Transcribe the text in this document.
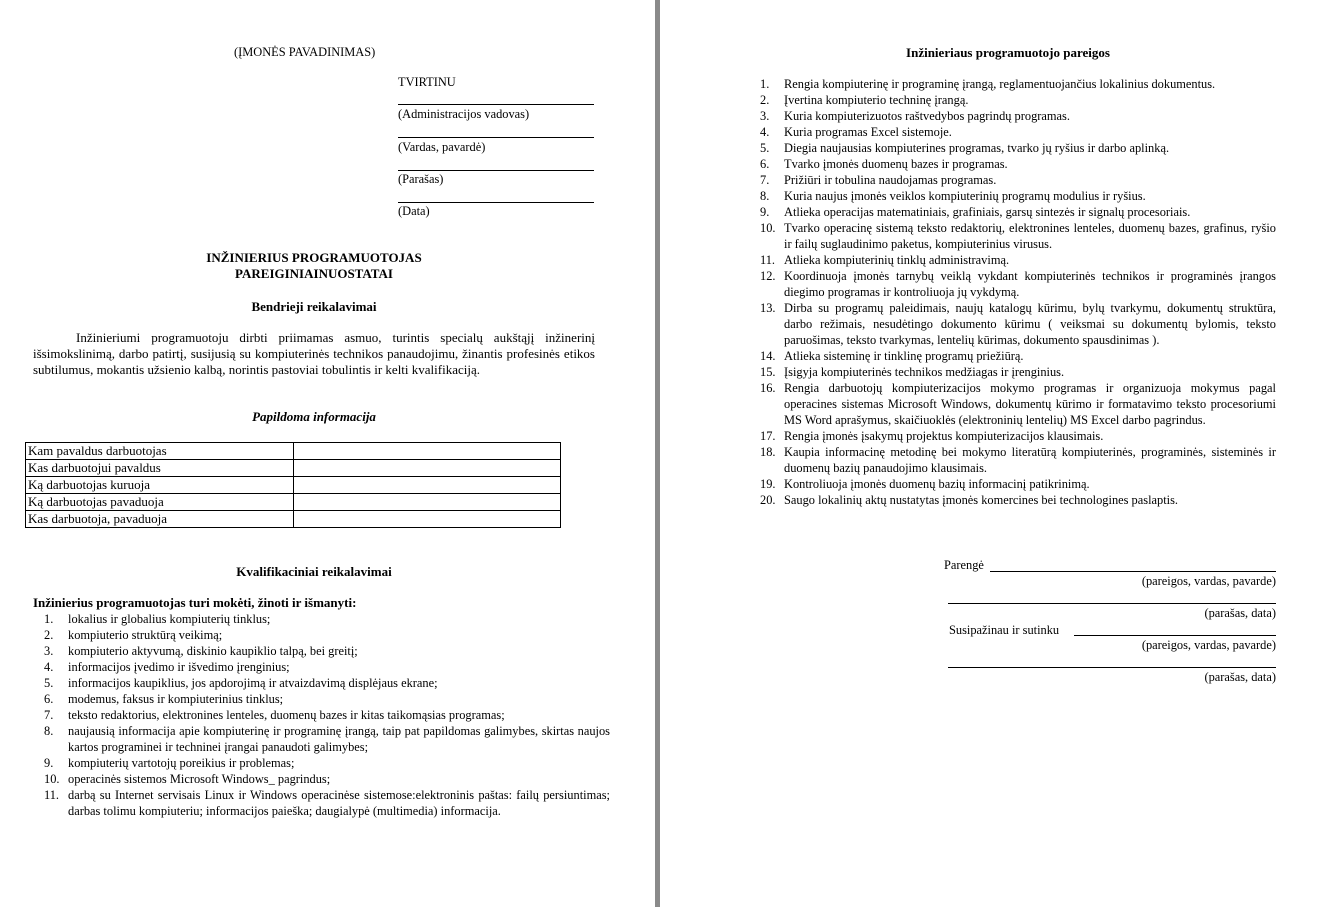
(ĮMONĖS PAVADINIMAS)
TVIRTINU
(Administracijos vadovas)
(Vardas, pavardė)
(Parašas)
(Data)
INŽINIERIUS PROGRAMUOTOJAS
PAREIGINIAINUOSTATAI
Bendrieji reikalavimai
Inžinieriumi programuotoju dirbti priimamas asmuo, turintis specialų aukštąjį inžinerinį išsimokslinimą, darbo patirtį, susijusią su kompiuterinės technikos panaudojimu, žinantis profesinės etikos subtilumus, mokantis užsienio kalbą, norintis pastoviai tobulintis ir kelti kvalifikaciją.
Papildoma informacija
Kam pavaldus darbuotojas	
Kas darbuotojui pavaldus	
Ką darbuotojas kuruoja	
Ką darbuotojas pavaduoja	
Kas darbuotoja, pavaduoja	
Kvalifikaciniai reikalavimai
Inžinierius programuotojas turi mokėti, žinoti ir išmanyti:
1.	lokalius ir globalius kompiuterių tinklus;
2.	kompiuterio struktūrą veikimą;
3.	kompiuterio aktyvumą, diskinio kaupiklio talpą, bei greitį;
4.	informacijos įvedimo ir išvedimo įrenginius;
5.	informacijos kaupiklius, jos apdorojimą ir atvaizdavimą displėjaus ekrane;
6.	modemus, faksus ir kompiuterinius tinklus;
7.	teksto redaktorius, elektronines lenteles, duomenų bazes ir kitas taikomąsias programas;
8.	naujausią informacija apie kompiuterinę ir programinę įrangą, taip pat papildomas galimybes, skirtas naujos kartos programinei ir techninei įrangai panaudoti galimybes;
9.	kompiuterių vartotojų poreikius ir problemas;
10. operacinės sistemos Microsoft Windows_ pagrindus;
11. darbą su Internet servisais Linux ir Windows operacinėse sistemose:elektroninis paštas: failų persiuntimas; darbas tolimu kompiuteriu; informacijos paieška; daugialypė (multimedia) informacija.
Inžinieriaus programuotojo pareigos
1.	Rengia kompiuterinę ir programinę įrangą, reglamentuojančius lokalinius dokumentus.
2.	Įvertina kompiuterio techninę įrangą.
3.	Kuria kompiuterizuotos raštvedybos pagrindų programas.
4.	Kuria programas Excel sistemoje.
5.	Diegia naujausias kompiuterines programas, tvarko jų ryšius ir darbo aplinką.
6.	Tvarko įmonės duomenų bazes ir programas.
7.	Prižiūri ir tobulina naudojamas programas.
8.	Kuria naujus įmonės veiklos kompiuterinių programų modulius ir ryšius.
9.	Atlieka operacijas matematiniais, grafiniais, garsų sintezės ir signalų procesoriais.
10. Tvarko operacinę sistemą teksto redaktorių, elektronines lenteles, duomenų bazes, grafinus, ryšio ir failų suglaudinimo paketus, kompiuterinius virusus.
11. Atlieka kompiuterinių tinklų administravimą.
12. Koordinuoja įmonės tarnybų veiklą vykdant kompiuterinės technikos ir programinės įrangos diegimo programas ir kontroliuoja jų vykdymą.
13. Dirba su programų paleidimais, naujų katalogų kūrimu, bylų tvarkymu, dokumentų struktūra, darbo režimais, nesudėtingo dokumento kūrimu ( veiksmai su dokumentų bylomis, teksto paruošimas, teksto tvarkymas, lentelių kūrimas, dokumento spausdinimas ).
14. Atlieka sisteminę ir tinklinę programų priežiūrą.
15. Įsigyja kompiuterinės technikos medžiagas ir įrenginius.
16. Rengia darbuotojų kompiuterizacijos mokymo programas ir organizuoja mokymus pagal operacines sistemas Microsoft Windows, dokumentų kūrimo ir formatavimo teksto procesoriumi MS Word aprašymus, skaičiuoklės (elektroninių lentelių) MS Excel darbo pagrindus.
17. Rengia įmonės įsakymų projektus kompiuterizacijos klausimais.
18. Kaupia informacinę metodinę bei mokymo literatūrą kompiuterinės, programinės, sisteminės ir duomenų bazių panaudojimo klausimais.
19. Kontroliuoja įmonės duomenų bazių informacinį patikrinimą.
20. Saugo lokalinių aktų nustatytas įmonės komercines bei technologines paslaptis.
Parengė
(pareigos, vardas, pavarde)
(parašas, data)
Susipažinau ir sutinku
(pareigos, vardas, pavarde)
(parašas, data)
